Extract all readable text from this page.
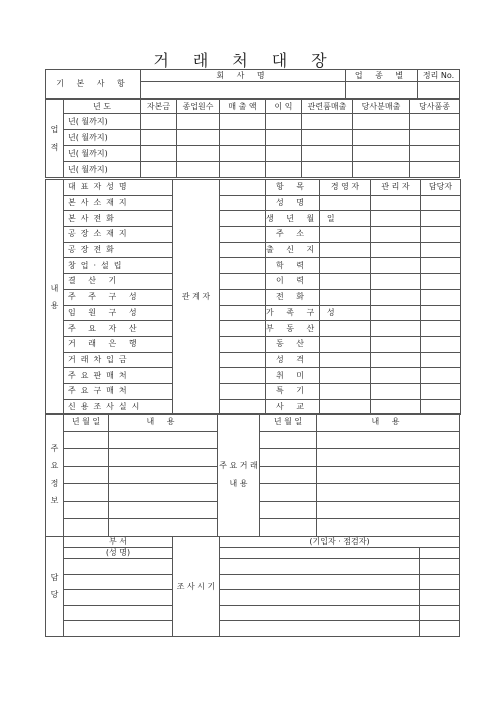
거래처대장
기 본 사 항	회 사 명	업 종 별	정리 No.

업 적	년 도	자본금	종업원수	매 출 액	이 익	관련품매출	당사분매출	당사품종
	년( 월까지)							
	년( 월까지)							
	년( 월까지)							
	년( 월까지)							
내 용	대표자성명	관 계 자		항 목	경 영 자	관 리 자	담당자
	본사소재지			성 명			
	본사전화			생 년 월 일			
	공장소재지			주 소			
	공장전화			출 신 지			
	창업·설립			학 력			
	결 산 기			이 력			
	주 주 구 성			전 화			
	임 원 구 성			가 족 구 성			
	주 요 자 산			부 동 산			
	거 래 은 행			동 산			
	거래차입금			성 격			
	주요판매처			취 미			
	주요구매처			특 기			
	신용조사실시			사 교			
주 요 정 보	년 월 일	내 용	주 요 거 래 내 용	년 월 일	내 용

담 당	부 서	조 사 시 기	(기입자 · 점검자)	
	(성 명)			
